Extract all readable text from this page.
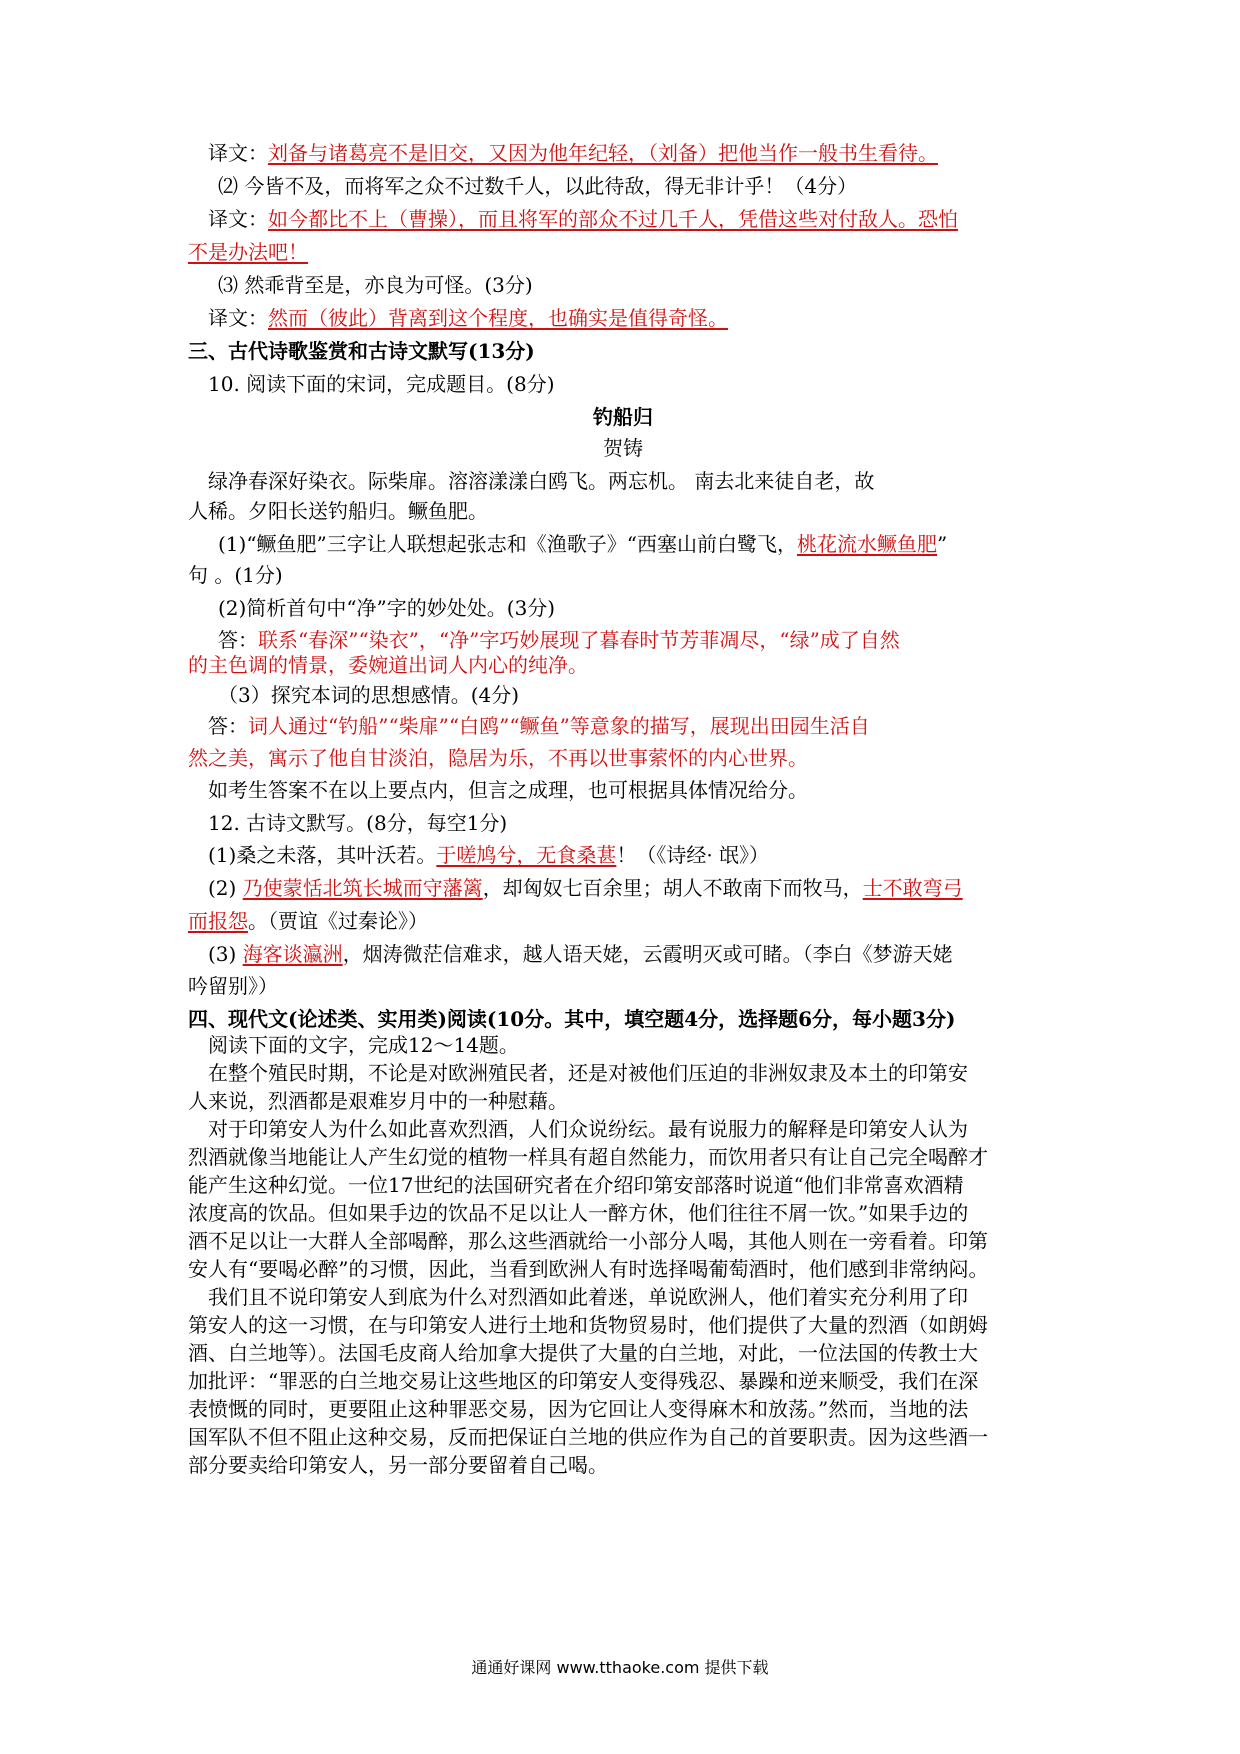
译文：刘备与诸葛亮不是旧交，又因为他年纪轻，（刘备）把他当作一般书生看待。
⑵ 今皆不及，而将军之众不过数千人，以此待敌，得无非计乎！（4分）
译文：如今都比不上（曹操），而且将军的部众不过几千人，凭借这些对付敌人。恐怕
不是办法吧！
⑶ 然乖背至是，亦良为可怪。(3分)
译文：然而（彼此）背离到这个程度，也确实是值得奇怪。
三、古代诗歌鉴赏和古诗文默写(13分)
10. 阅读下面的宋词，完成题目。(8分)
钓船归
贺铸
绿净春深好染衣。际柴扉。溶溶漾漾白鸥飞。两忘机。 南去北来徒自老，故
人稀。夕阳长送钓船归。鳜鱼肥。
(1)“鳜鱼肥”三字让人联想起张志和《渔歌子》“西塞山前白鹭飞，桃花流水鳜鱼肥”
句 。(1分)
(2)简析首句中“净”字的妙处处。(3分)
答：联系“春深”“染衣”，“净”字巧妙展现了暮春时节芳菲凋尽，“绿”成了自然
的主色调的情景，委婉道出词人内心的纯净。
（3）探究本词的思想感情。(4分)
答：词人通过“钓船”“柴扉”“白鸥”“鳜鱼”等意象的描写，展现出田园生活自
然之美，寓示了他自甘淡泊，隐居为乐，不再以世事萦怀的内心世界。
如考生答案不在以上要点内，但言之成理，也可根据具体情况给分。
12. 古诗文默写。(8分，每空1分)
(1)桑之未落，其叶沃若。于嗟鸠兮，无食桑葚！（《诗经· 氓》）
(2) 乃使蒙恬北筑长城而守藩篱，却匈奴七百余里；胡人不敢南下而牧马，士不敢弯弓
而报怨。（贾谊《过秦论》）
(3) 海客谈瀛洲，烟涛微茫信难求，越人语天姥，云霞明灭或可睹。（李白《梦游天姥
吟留别》）
四、现代文(论述类、实用类)阅读(10分。其中，填空题4分，选择题6分，每小题3分)
阅读下面的文字，完成12～14题。
在整个殖民时期，不论是对欧洲殖民者，还是对被他们压迫的非洲奴隶及本土的印第安
人来说，烈酒都是艰难岁月中的一种慰藉。
对于印第安人为什么如此喜欢烈酒，人们众说纷纭。最有说服力的解释是印第安人认为
烈酒就像当地能让人产生幻觉的植物一样具有超自然能力，而饮用者只有让自己完全喝醉才
能产生这种幻觉。一位17世纪的法国研究者在介绍印第安部落时说道“他们非常喜欢酒精
浓度高的饮品。但如果手边的饮品不足以让人一醉方休，他们往往不屑一饮。”如果手边的
酒不足以让一大群人全部喝醉，那么这些酒就给一小部分人喝，其他人则在一旁看着。印第
安人有“要喝必醉”的习惯，因此，当看到欧洲人有时选择喝葡萄酒时，他们感到非常纳闷。
我们且不说印第安人到底为什么对烈酒如此着迷，单说欧洲人，他们着实充分利用了印
第安人的这一习惯，在与印第安人进行土地和货物贸易时，他们提供了大量的烈酒（如朗姆
酒、白兰地等）。法国毛皮商人给加拿大提供了大量的白兰地，对此，一位法国的传教士大
加批评：“罪恶的白兰地交易让这些地区的印第安人变得残忍、暴躁和逆来顺受，我们在深
表愤慨的同时，更要阻止这种罪恶交易，因为它回让人变得麻木和放荡。”然而，当地的法
国军队不但不阻止这种交易，反而把保证白兰地的供应作为自己的首要职责。因为这些酒一
部分要卖给印第安人，另一部分要留着自己喝。
通通好课网 www.tthaoke.com 提供下载
